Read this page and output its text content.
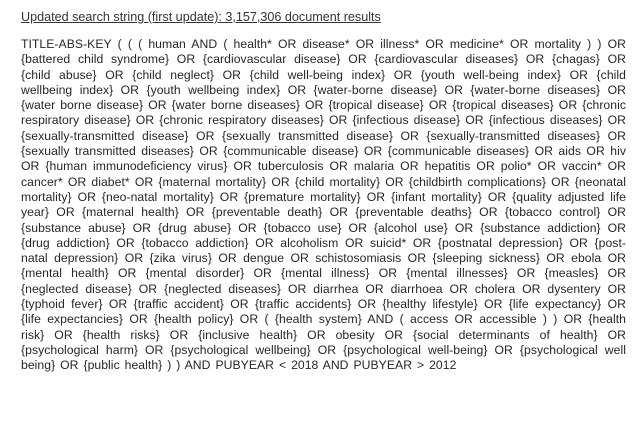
Updated search string (first update): 3,157,306 document results

TITLE-ABS-KEY ( ( ( human AND ( health* OR disease* OR illness* OR medicine* OR mortality ) ) OR {battered child syndrome} OR {cardiovascular disease} OR {cardiovascular diseases} OR {chagas} OR {child abuse} OR {child neglect} OR {child well-being index} OR {youth well-being index} OR {child wellbeing index} OR {youth wellbeing index} OR {water-borne disease} OR {water-borne diseases} OR {water borne disease} OR {water borne diseases} OR {tropical disease} OR {tropical diseases} OR {chronic respiratory disease} OR {chronic respiratory diseases} OR {infectious disease} OR {infectious diseases} OR {sexually-transmitted disease} OR {sexually transmitted disease} OR {sexually-transmitted diseases} OR {sexually transmitted diseases} OR {communicable disease} OR {communicable diseases} OR aids OR hiv OR {human immunodeficiency virus} OR tuberculosis OR malaria OR hepatitis OR polio* OR vaccin* OR cancer* OR diabet* OR {maternal mortality} OR {child mortality} OR {childbirth complications} OR {neonatal mortality} OR {neo-natal mortality} OR {premature mortality} OR {infant mortality} OR {quality adjusted life year} OR {maternal health} OR {preventable death} OR {preventable deaths} OR {tobacco control} OR {substance abuse} OR {drug abuse} OR {tobacco use} OR {alcohol use} OR {substance addiction} OR {drug addiction} OR {tobacco addiction} OR alcoholism OR suicid* OR {postnatal depression} OR {post-natal depression} OR {zika virus} OR dengue OR schistosomiasis OR {sleeping sickness} OR ebola OR {mental health} OR {mental disorder} OR {mental illness} OR {mental illnesses} OR {measles} OR {neglected disease} OR {neglected diseases} OR diarrhea OR diarrhoea OR cholera OR dysentery OR {typhoid fever} OR {traffic accident} OR {traffic accidents} OR {healthy lifestyle} OR {life expectancy} OR {life expectancies} OR {health policy} OR ( {health system} AND ( access OR accessible ) ) OR {health risk} OR {health risks} OR {inclusive health} OR obesity OR {social determinants of health} OR {psychological harm} OR {psychological wellbeing} OR {psychological well-being} OR {psychological well being} OR {public health} ) ) AND PUBYEAR < 2018 AND PUBYEAR > 2012
